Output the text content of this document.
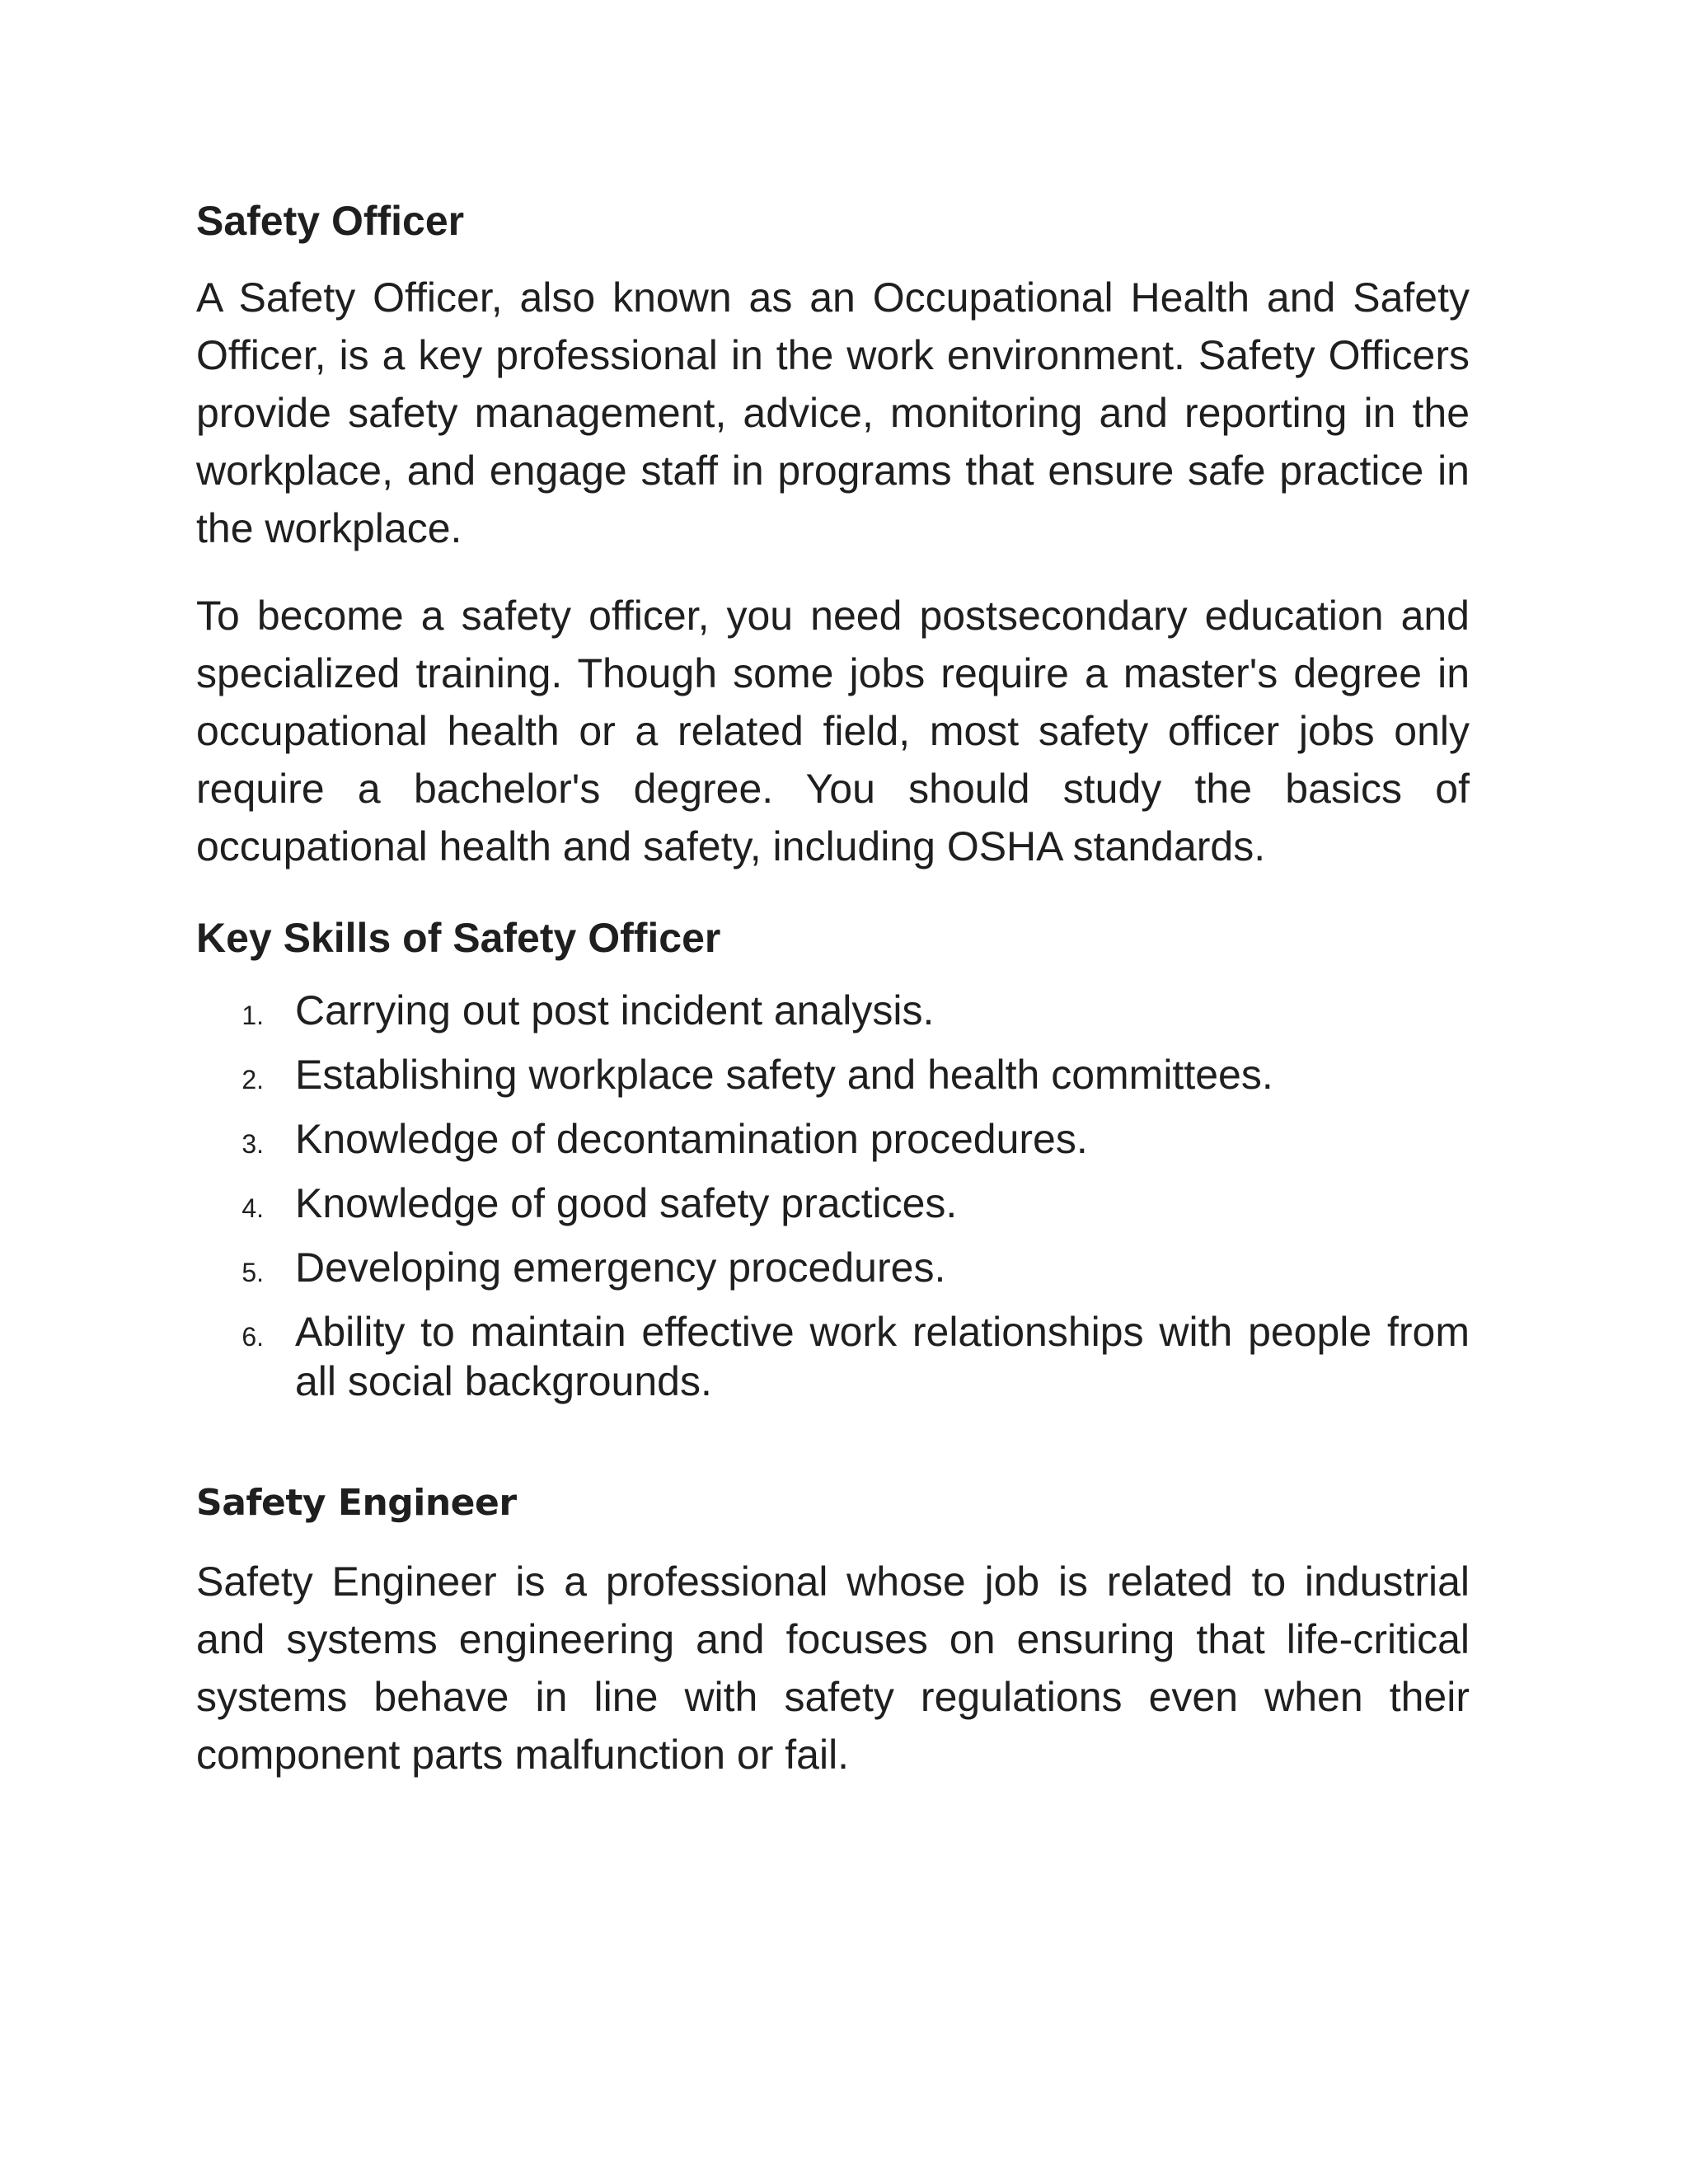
Safety Officer

A Safety Officer, also known as an Occupational Health and Safety Officer, is a key professional in the work environment. Safety Officers provide safety management, advice, monitoring and reporting in the workplace, and engage staff in programs that ensure safe practice in the workplace.

To become a safety officer, you need postsecondary education and specialized training. Though some jobs require a master's degree in occupational health or a related field, most safety officer jobs only require a bachelor's degree. You should study the basics of occupational health and safety, including OSHA standards.

Key Skills of Safety Officer
1. Carrying out post incident analysis.
2. Establishing workplace safety and health committees.
3. Knowledge of decontamination procedures.
4. Knowledge of good safety practices.
5. Developing emergency procedures.
6. Ability to maintain effective work relationships with people from all social backgrounds.
Safety Engineer

Safety Engineer is a professional whose job is related to industrial and systems engineering and focuses on ensuring that life-critical systems behave in line with safety regulations even when their component parts malfunction or fail.
